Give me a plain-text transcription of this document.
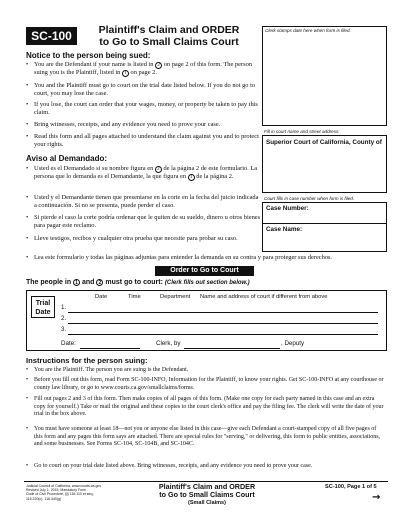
SC-100	Plaintiff's Claim and ORDER
to Go to Small Claims Court
Notice to the person being sued:
• You are the Defendant if your name is listed in 2 on page 2 of this form. The person suing you is the Plaintiff, listed in 1 on page 2.
• You and the Plaintiff must go to court on the trial date listed below. If you do not go to court, you may lose the case.
• If you lose, the court can order that your wages, money, or property be taken to pay this claim.
• Bring witnesses, receipts, and any evidence you need to prove your case.
• Read this form and all pages attached to understand the claim against you and to protect your rights.
Aviso al Demandado:
• Usted es el Demandado si su nombre figura en 2 de la página 2 de este formulario. La persona que lo demanda es el Demandante, la que figura en 1 de la página 2.
• Usted y el Demandante tienen que presentarse en la corte en la fecha del juicio indicada a continuación. Si no se presenta, puede perder el caso.
• Si pierde el caso la corte podría ordenar que le quiten de su sueldo, dinero u otros bienes para pagar este reclamo.
• Lleve testigos, recibos y cualquier otra prueba que necesite para probar su caso.
• Lea este formulario y todas las páginas adjuntas para entender la demanda en su contra y para proteger sus derechos.
Clerk stamps date here when form is filed.
Fill in court name and street address:
Superior Court of California, County of
Court fills in case number when form is filed.
Case Number:
Case Name:
Order to Go to Court
The people in 1 and 2 must go to court: (Clerk fills out section below.)
Trial
Date
Date	Time	Department Name and address of court if different from above
1.
2.
3.
Date:	Clerk, by	, Deputy
Instructions for the person suing:
• You are the Plaintiff. The person you are suing is the Defendant.
• Before you fill out this form, read Form SC-100-INFO, Information for the Plaintiff, to know your rights. Get SC-100-INFO at any courthouse or county law library, or go to www.courts.ca.gov/smallclaims/forms.
• Fill out pages 2 and 3 of this form. Then make copies of all pages of this form. (Make one copy for each party named in this case and an extra copy for yourself.) Take or mail the original and these copies to the court clerk's office and pay the filing fee. The clerk will write the date of your trial in the box above.
• You must have someone at least 18—not you or anyone else listed in this case—give each Defendant a court-stamped copy of all five pages of this form and any pages this form says are attached. There are special rules for "serving," or delivering, this form to public entities, associations, and some businesses. See Forms SC-104, SC-104B, and SC-104C.
• Go to court on your trial date listed above. Bring witnesses, receipts, and any evidence you need to prove your case.
Judicial Council of California, www.courts.ca.gov
Revised July 1, 2015, Mandatory Form
Code of Civil Procedure, §§ 116.110 et seq.,
116.220(c), 116.340(g)
Plaintiff's Claim and ORDER
to Go to Small Claims Court
(Small Claims)
SC-100, Page 1 of 5
→
